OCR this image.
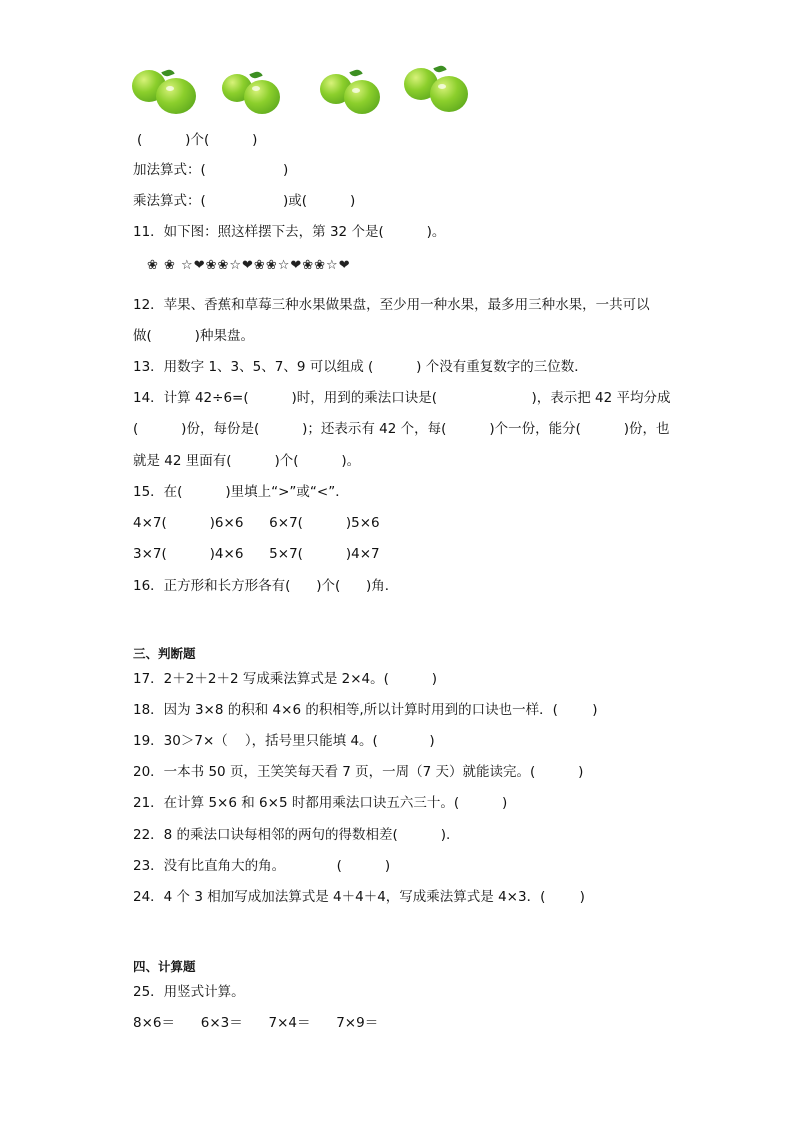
(          )个(          )
加法算式：(                  )
乘法算式：(                  )或(          )
11．如下图：照这样摆下去，第 32 个是(          )。
❀ ❀ ☆❤❀❀☆❤❀❀☆❤❀❀☆❤
12．苹果、香蕉和草莓三种水果做果盘，至少用一种水果，最多用三种水果，一共可以
做(          )种果盘。
13．用数字 1、3、5、7、9 可以组成 (          ) 个没有重复数字的三位数．
14．计算 42÷6=(          )时，用到的乘法口诀是(                      )，表示把 42 平均分成
(          )份，每份是(          )；还表示有 42 个，每(          )个一份，能分(          )份，也
就是 42 里面有(          )个(          )。
15．在(          )里填上“>”或“<”．
4×7(          )6×6      6×7(          )5×6
3×7(          )4×6      5×7(          )4×7
16．正方形和长方形各有(      )个(      )角．
三、判断题
17．2＋2＋2＋2 写成乘法算式是 2×4。(          )
18．因为 3×8 的积和 4×6 的积相等,所以计算时用到的口诀也一样．(        )
19．30＞7×（    ），括号里只能填 4。(            )
20．一本书 50 页，王笑笑每天看 7 页，一周（7 天）就能读完。(          )
21．在计算 5×6 和 6×5 时都用乘法口诀五六三十。(          )
22．8 的乘法口诀每相邻的两句的得数相差(          ).
23．没有比直角大的角。            (          )
24．4 个 3 相加写成加法算式是 4＋4＋4，写成乘法算式是 4×3．(        )
四、计算题
25．用竖式计算。
8×6＝      6×3＝      7×4＝      7×9＝
